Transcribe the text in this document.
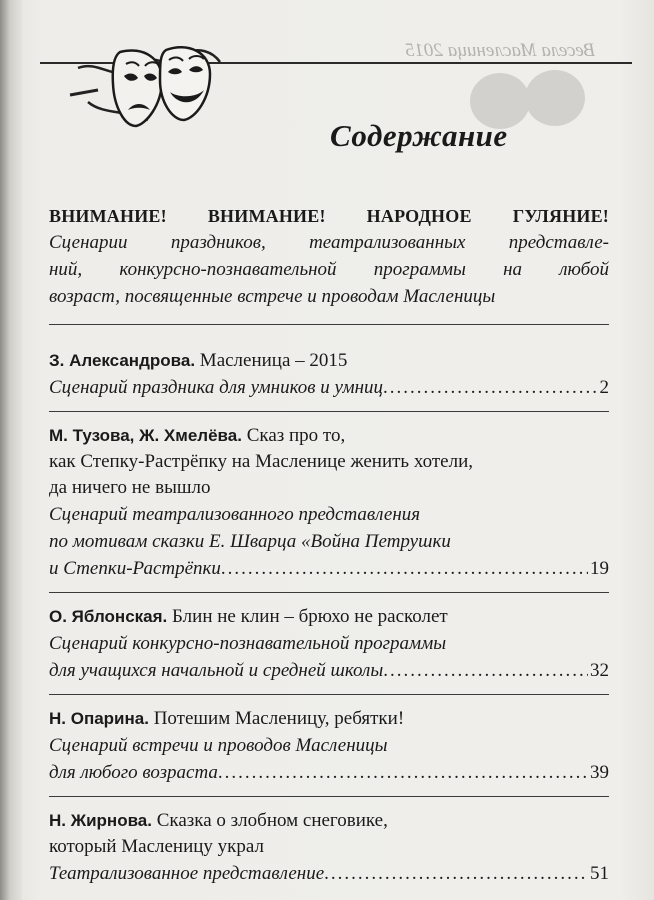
Весела Масленица 2015
Содержание
ВНИМАНИЕ! ВНИМАНИЕ! НАРОДНОЕ ГУЛЯНИЕ!
Сценарии праздников, театрализованных представле-
ний, конкурсно-познавательной программы на любой
возраст, посвященные встрече и проводам Масленицы
З. Александрова. Масленица – 2015
Сценарий праздника для умников и умниц .....	2
М. Тузова, Ж. Хмелёва. Сказ про то,
как Степку-Растрёпку на Масленице женить хотели,
да ничего не вышло
Сценарий театрализованного представления
по мотивам сказки Е. Шварца «Война Петрушки
и Степки-Растрёпки .....	19
О. Яблонская. Блин не клин – брюхо не расколет
Сценарий конкурсно-познавательной программы
для учащихся начальной и средней школы .....	32
Н. Опарина. Потешим Масленицу, ребятки!
Сценарий встречи и проводов Масленицы
для любого возраста .....	39
Н. Жирнова. Сказка о злобном снеговике,
который Масленицу украл
Театрализованное представление .....	51
